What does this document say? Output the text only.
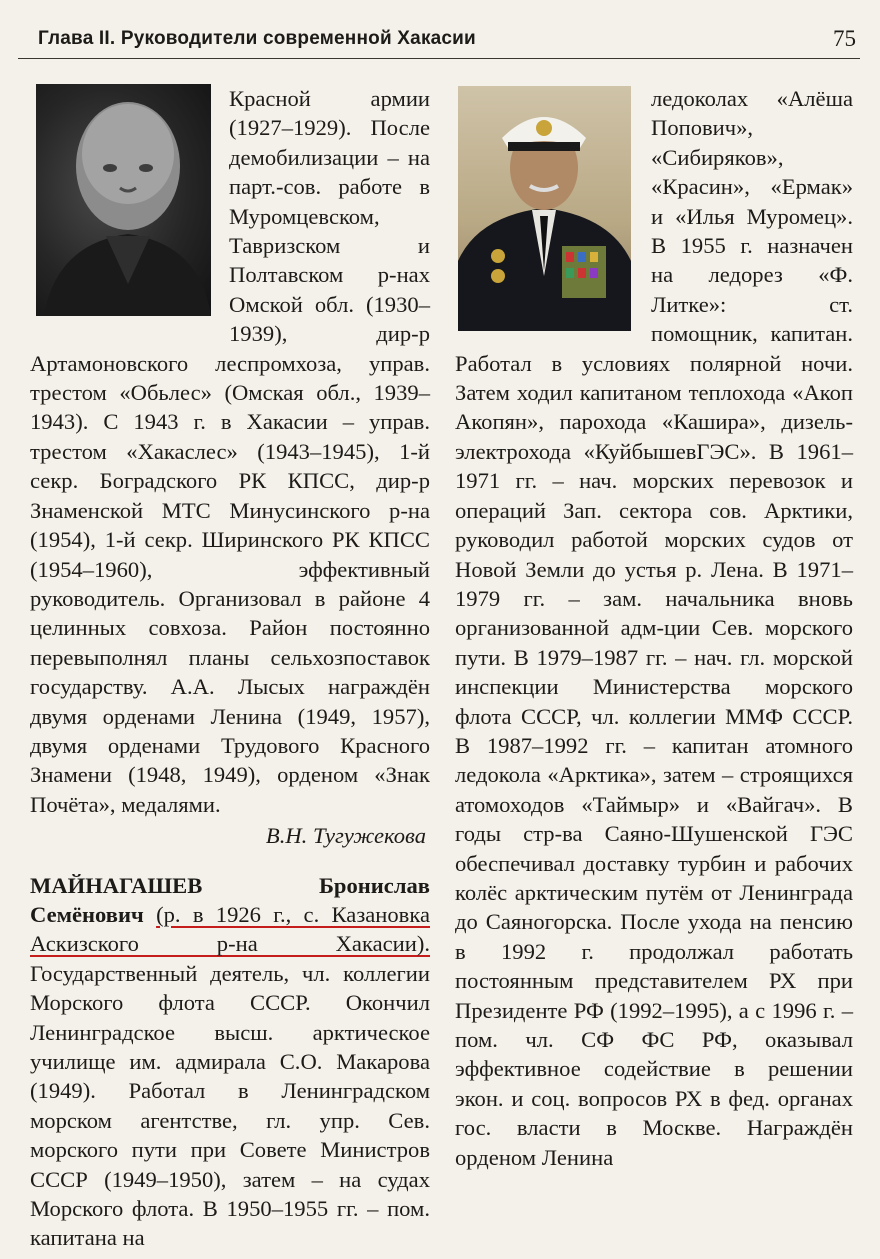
Глава II. Руководители современной Хакасии	75

Красной армии (1927–1929). После демобилизации – на парт.-сов. работе в Муромцевском, Тавризском и Полтавском р-нах Омской обл. (1930–1939), дир-р Артамоновского леспромхоза, управ. трестом «Обьлес» (Омская обл., 1939–1943). С 1943 г. в Хакасии – управ. трестом «Хакаслес» (1943–1945), 1-й секр. Боградского РК КПСС, дир-р Знаменской МТС Минусинского р-на (1954), 1-й секр. Ширинского РК КПСС (1954–1960), эффективный руководитель. Организовал в районе 4 целинных совхоза. Район постоянно перевыполнял планы сельхозпоставок государству. А.А. Лысых награждён двумя орденами Ленина (1949, 1957), двумя орденами Трудового Красного Знамени (1948, 1949), орденом «Знак Почёта», медалями.

В.Н. Тугужекова

МАЙНАГАШЕВ Бронислав Семёнович (р. в 1926 г., с. Казановка Аскизского р-на Хакасии). Государственный деятель, чл. коллегии Морского флота СССР. Окончил Ленинградское высш. арктическое училище им. адмирала С.О. Макарова (1949). Работал в Ленинградском морском агентстве, гл. упр. Сев. морского пути при Совете Министров СССР (1949–1950), затем – на судах Морского флота. В 1950–1955 гг. – пом. капитана на

ледоколах «Алёша Попович», «Сибиряков», «Красин», «Ермак» и «Илья Муромец». В 1955 г. назначен на ледорез «Ф. Литке»: ст. помощник, капитан. Работал в условиях полярной ночи. Затем ходил капитаном теплохода «Акоп Акопян», парохода «Кашира», дизель-электрохода «КуйбышевГЭС». В 1961–1971 гг. – нач. морских перевозок и операций Зап. сектора сов. Арктики, руководил работой морских судов от Новой Земли до устья р. Лена. В 1971–1979 гг. – зам. начальника вновь организованной адм-ции Сев. морского пути. В 1979–1987 гг. – нач. гл. морской инспекции Министерства морского флота СССР, чл. коллегии ММФ СССР. В 1987–1992 гг. – капитан атомного ледокола «Арктика», затем – строящихся атомоходов «Таймыр» и «Вайгач». В годы стр-ва Саяно-Шушенской ГЭС обеспечивал доставку турбин и рабочих колёс арктическим путём от Ленинграда до Саяногорска. После ухода на пенсию в 1992 г. продолжал работать постоянным представителем РХ при Президенте РФ (1992–1995), а с 1996 г. – пом. чл. СФ ФС РФ, оказывал эффективное содействие в решении экон. и соц. вопросов РХ в фед. органах гос. власти в Москве. Награждён орденом Ленина
